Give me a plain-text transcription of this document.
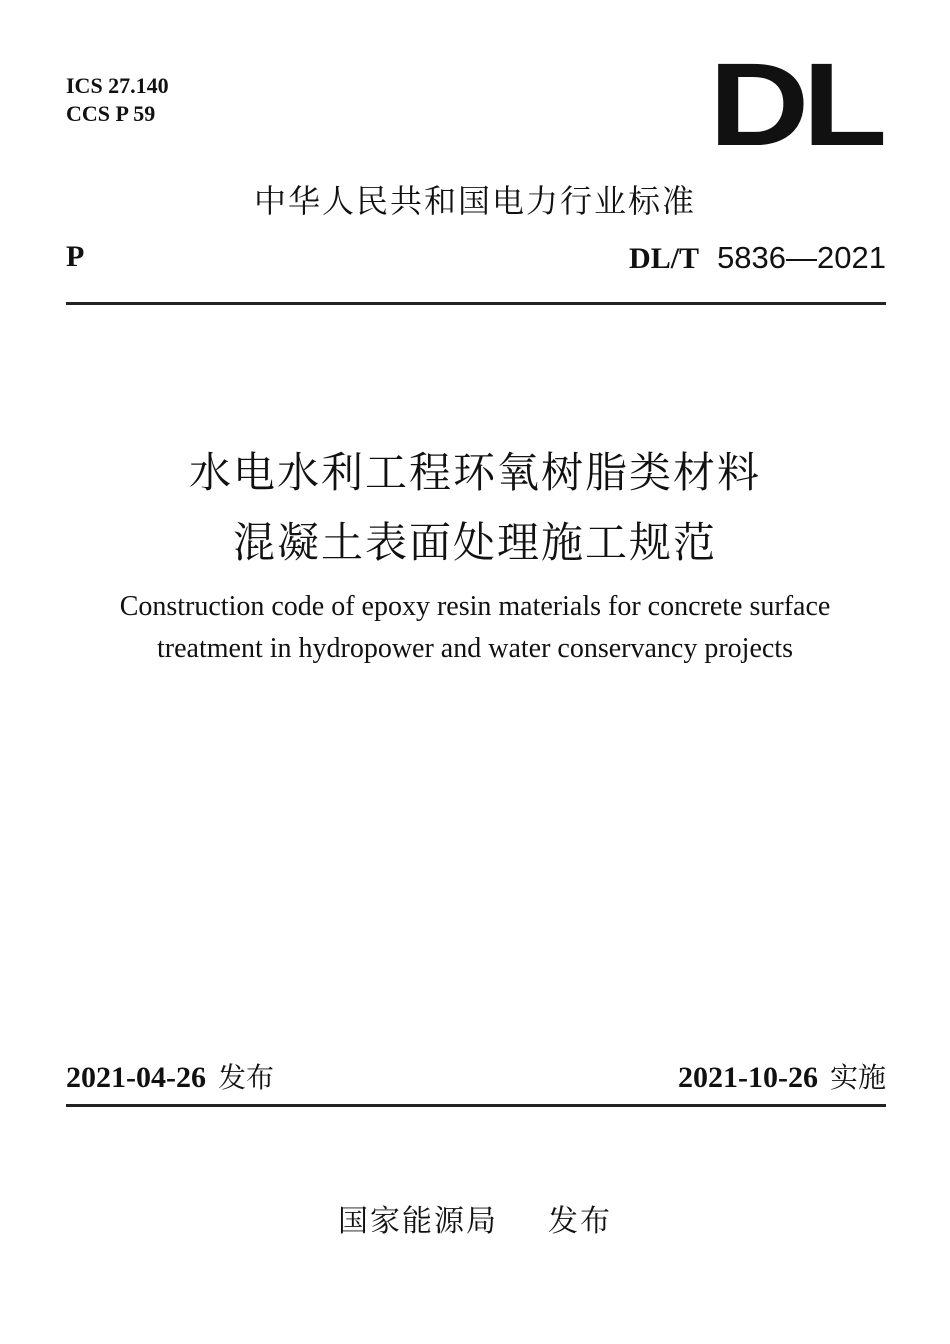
ICS 27.140
CCS P 59	DL
中华人民共和国电力行业标准
P	DL/T 5836—2021
水电水利工程环氧树脂类材料
混凝土表面处理施工规范
Construction code of epoxy resin materials for concrete surface
treatment in hydropower and water conservancy projects
2021-04-26 发布	2021-10-26 实施
国家能源局 发布
